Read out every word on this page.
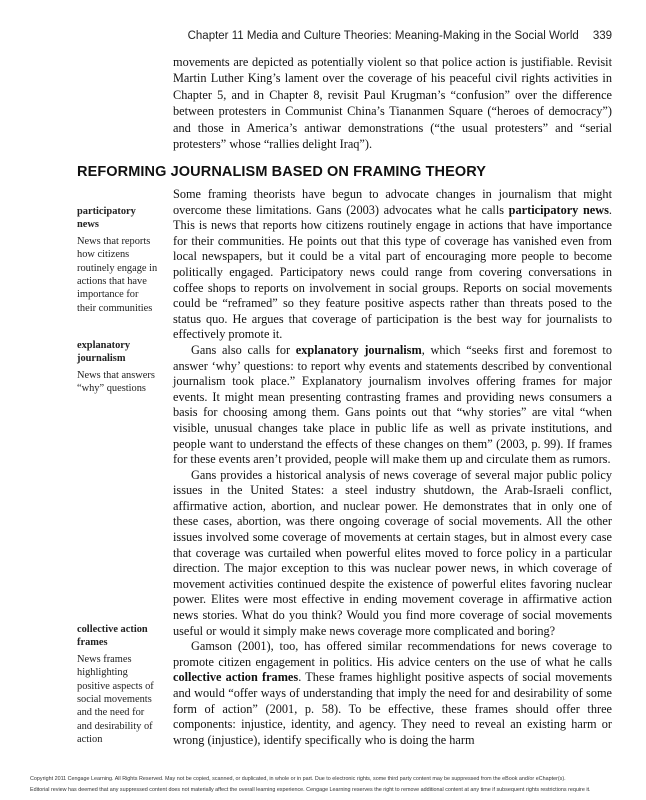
Chapter 11 Media and Culture Theories: Meaning-Making in the Social World 339

movements are depicted as potentially violent so that police action is justifiable. Revisit Martin Luther King’s lament over the coverage of his peaceful civil rights activities in Chapter 5, and in Chapter 8, revisit Paul Krugman’s “confusion” over the difference between protesters in Communist China’s Tiananmen Square (“heroes of democracy”) and those in America’s antiwar demonstrations (“the usual protesters” and “serial protesters” whose “rallies delight Iraq”).

REFORMING JOURNALISM BASED ON FRAMING THEORY
participatory news
News that reports how citizens routinely engage in actions that have importance for their communities
explanatory journalism
News that answers “why” questions
collective action frames
News frames highlighting positive aspects of social movements and the need for and desirability of action

Some framing theorists have begun to advocate changes in journalism that might overcome these limitations. Gans (2003) advocates what he calls participatory news. This is news that reports how citizens routinely engage in actions that have importance for their communities. He points out that this type of coverage has vanished even from local newspapers, but it could be a vital part of encouraging more people to become politically engaged. Participatory news could range from covering conversations in coffee shops to reports on involvement in social groups. Reports on social movements could be “reframed” so they feature positive aspects rather than threats posed to the status quo. He argues that coverage of participation is the best way for journalists to effectively promote it.

Gans also calls for explanatory journalism, which “seeks first and foremost to answer ‘why’ questions: to report why events and statements described by conventional journalism took place.” Explanatory journalism involves offering frames for major events. It might mean presenting contrasting frames and providing news consumers a basis for choosing among them. Gans points out that “why stories” are vital “when visible, unusual changes take place in public life as well as private institutions, and people want to understand the effects of these changes on them” (2003, p. 99). If frames for these events aren’t provided, people will make them up and circulate them as rumors.

Gans provides a historical analysis of news coverage of several major public policy issues in the United States: a steel industry shutdown, the Arab-Israeli conflict, affirmative action, abortion, and nuclear power. He demonstrates that in only one of these cases, abortion, was there ongoing coverage of social movements. All the other issues involved some coverage of movements at certain stages, but in almost every case that coverage was curtailed when powerful elites moved to force policy in a particular direction. The major exception to this was nuclear power news, in which coverage of movement activities continued despite the existence of powerful elites favoring nuclear power. Elites were most effective in ending movement coverage in affirmative action news stories. What do you think? Would you find more coverage of social movements useful or would it simply make news coverage more complicated and boring?

Gamson (2001), too, has offered similar recommendations for news coverage to promote citizen engagement in politics. His advice centers on the use of what he calls collective action frames. These frames highlight positive aspects of social movements and would “offer ways of understanding that imply the need for and desirability of some form of action” (2001, p. 58). To be effective, these frames should offer three components: injustice, identity, and agency. They need to reveal an existing harm or wrong (injustice), identify specifically who is doing the harm

Copyright 2011 Cengage Learning. All Rights Reserved. May not be copied, scanned, or duplicated, in whole or in part. Due to electronic rights, some third party content may be suppressed from the eBook and/or eChapter(s).
Editorial review has deemed that any suppressed content does not materially affect the overall learning experience. Cengage Learning reserves the right to remove additional content at any time if subsequent rights restrictions require it.
